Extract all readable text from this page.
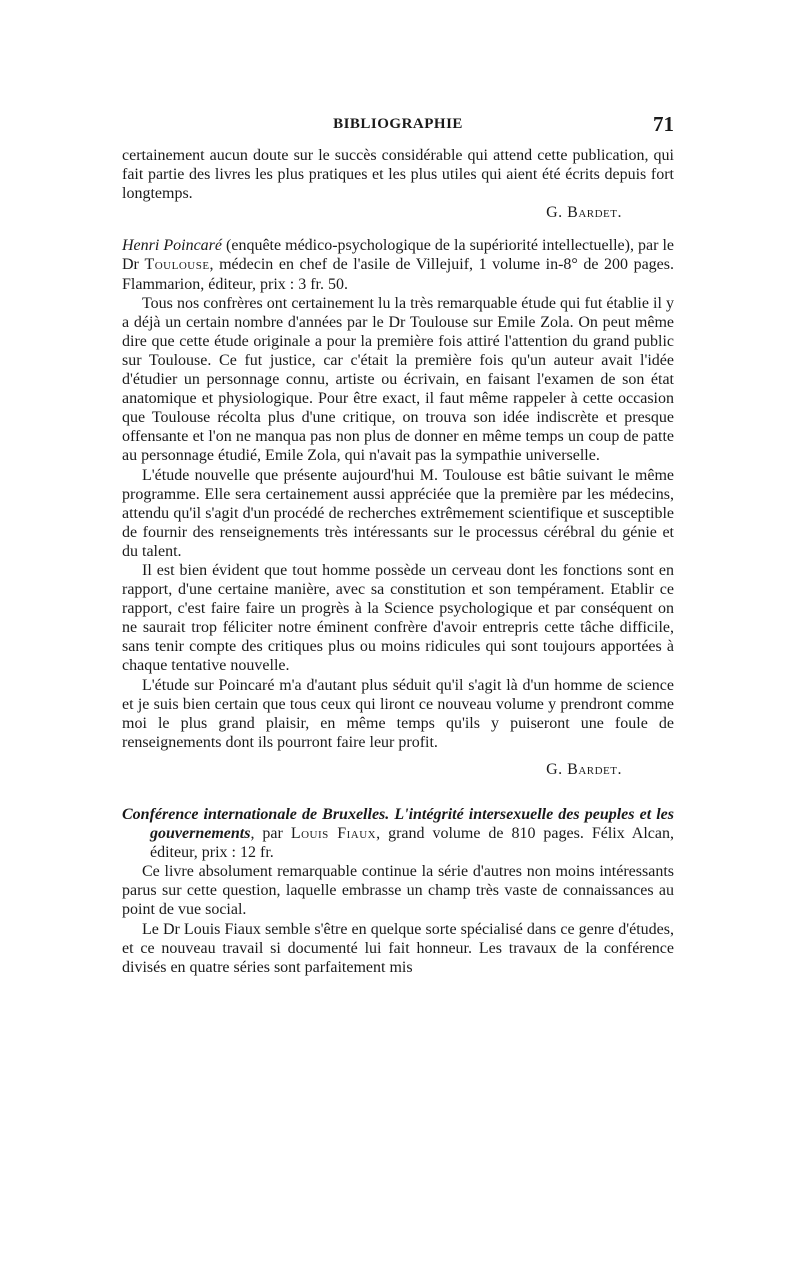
BIBLIOGRAPHIE	71

certainement aucun doute sur le succès considérable qui attend cette publication, qui fait partie des livres les plus pratiques et les plus utiles qui aient été écrits depuis fort longtemps.

G. Bardet.

Henri Poincaré (enquête médico-psychologique de la supériorité intellectuelle), par le Dr Toulouse, médecin en chef de l'asile de Villejuif, 1 volume in-8° de 200 pages. Flammarion, éditeur, prix : 3 fr. 50.

Tous nos confrères ont certainement lu la très remarquable étude qui fut établie il y a déjà un certain nombre d'années par le Dr Toulouse sur Emile Zola. On peut même dire que cette étude originale a pour la première fois attiré l'attention du grand public sur Toulouse. Ce fut justice, car c'était la première fois qu'un auteur avait l'idée d'étudier un personnage connu, artiste ou écrivain, en faisant l'examen de son état anatomique et physiologique. Pour être exact, il faut même rappeler à cette occasion que Toulouse récolta plus d'une critique, on trouva son idée indiscrète et presque offensante et l'on ne manqua pas non plus de donner en même temps un coup de patte au personnage étudié, Emile Zola, qui n'avait pas la sympathie universelle.

L'étude nouvelle que présente aujourd'hui M. Toulouse est bâtie suivant le même programme. Elle sera certainement aussi appréciée que la première par les médecins, attendu qu'il s'agit d'un procédé de recherches extrêmement scientifique et susceptible de fournir des renseignements très intéressants sur le processus cérébral du génie et du talent.

Il est bien évident que tout homme possède un cerveau dont les fonctions sont en rapport, d'une certaine manière, avec sa constitution et son tempérament. Etablir ce rapport, c'est faire faire un progrès à la Science psychologique et par conséquent on ne saurait trop féliciter notre éminent confrère d'avoir entrepris cette tâche difficile, sans tenir compte des critiques plus ou moins ridicules qui sont toujours apportées à chaque tentative nouvelle.

L'étude sur Poincaré m'a d'autant plus séduit qu'il s'agit là d'un homme de science et je suis bien certain que tous ceux qui liront ce nouveau volume y prendront comme moi le plus grand plaisir, en même temps qu'ils y puiseront une foule de renseignements dont ils pourront faire leur profit.

G. Bardet.

Conférence internationale de Bruxelles. L'intégrité intersexuelle des peuples et les gouvernements, par Louis Fiaux, grand volume de 810 pages. Félix Alcan, éditeur, prix : 12 fr.

Ce livre absolument remarquable continue la série d'autres non moins intéressants parus sur cette question, laquelle embrasse un champ très vaste de connaissances au point de vue social.

Le Dr Louis Fiaux semble s'être en quelque sorte spécialisé dans ce genre d'études, et ce nouveau travail si documenté lui fait honneur. Les travaux de la conférence divisés en quatre séries sont parfaitement mis
